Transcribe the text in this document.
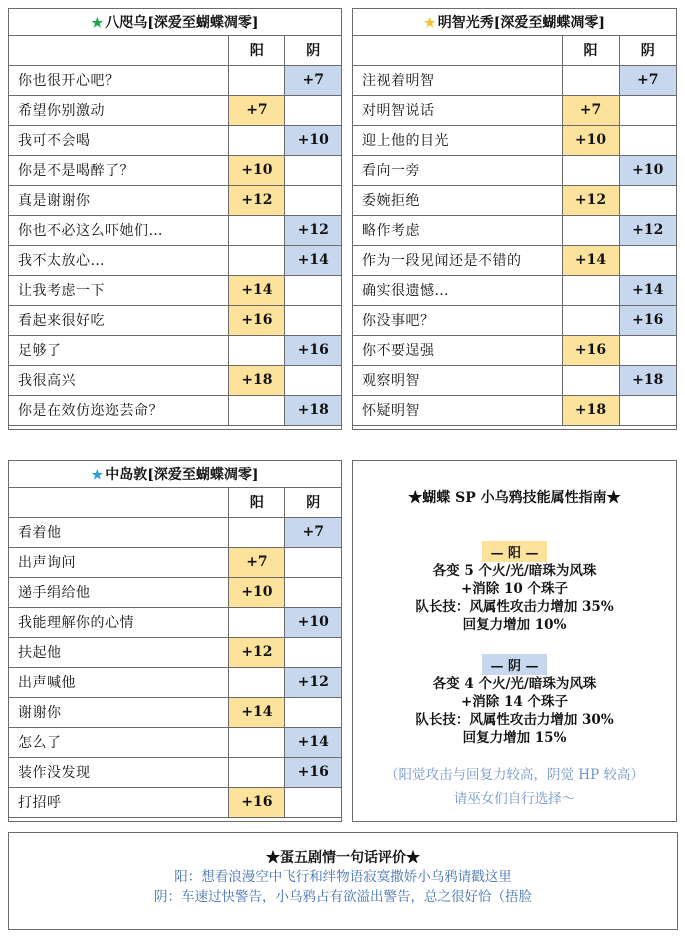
★ 八咫乌[深爱至蝴蝶凋零]		
	阳	阴
你也很开心吧？		+7
希望你别激动	+7	
我可不会喝		+10
你是不是喝醉了？	+10	
真是谢谢你	+12	
你也不必这么吓她们…		+12
我不太放心…		+14
让我考虑一下	+14	
看起来很好吃	+16	
足够了		+16
我很高兴	+18	
你是在效仿迩迩芸命？		+18
★ 明智光秀[深爱至蝴蝶凋零]		
	阳	阴
注视着明智		+7
对明智说话	+7	
迎上他的目光	+10	
看向一旁		+10
委婉拒绝	+12	
略作考虑		+12
作为一段见闻还是不错的	+14	
确实很遗憾…		+14
你没事吧？		+16
你不要逞强	+16	
观察明智		+18
怀疑明智	+18	
★ 中岛敦[深爱至蝴蝶凋零]		
	阳	阴
看着他		+7
出声询问	+7	
递手绢给他	+10	
我能理解你的心情		+10
扶起他	+12	
出声喊他		+12
谢谢你	+14	
怎么了		+14
装作没发现		+16
打招呼	+16	
★蝴蝶 SP 小乌鸦技能属性指南★
— 阳 —
各变 5 个火/光/暗珠为风珠
+消除 10 个珠子
队长技：风属性攻击力增加 35%
回复力增加 10%
— 阴 —
各变 4 个火/光/暗珠为风珠
+消除 14 个珠子
队长技：风属性攻击力增加 30%
回复力增加 15%
（阳觉攻击与回复力较高，阴觉 HP 较高）
请巫女们自行选择～
★蛋五剧情一句话评价★
阳：想看浪漫空中飞行和绊物语寂寞撒娇小乌鸦请戳这里
阴：车速过快警告，小乌鸦占有欲溢出警告，总之很好恰（捂脸
